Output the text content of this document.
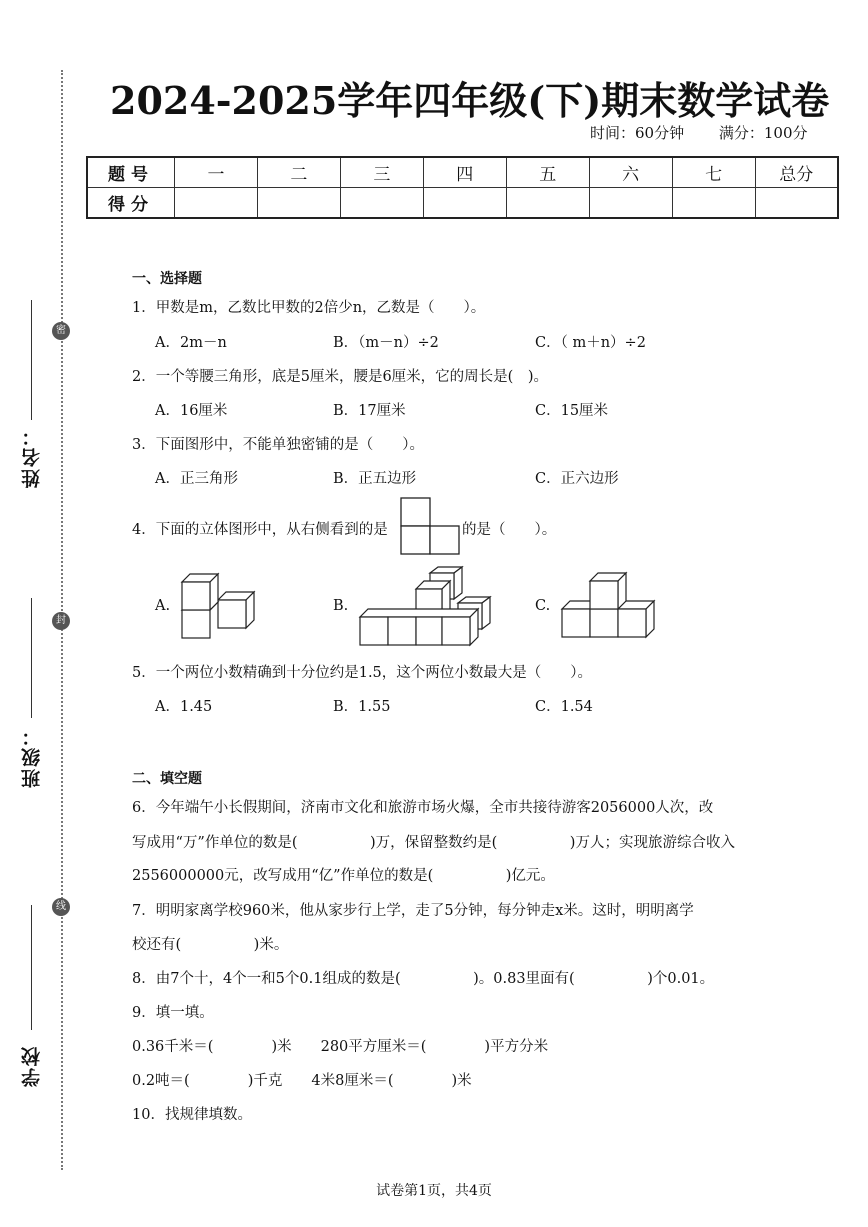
姓名：
班级：
学校
密
封
线
2024-2025学年四年级(下)期末数学试卷
时间：60分钟 满分：100分
题号	一	二	三	四	五	六	七	总分
得分								
一、选择题
1．甲数是m，乙数比甲数的2倍少n，乙数是（　　）。
A．2m－n	B．（m－n）÷2	C．（ m＋n）÷2
2．一个等腰三角形，底是5厘米，腰是6厘米，它的周长是(　)。
A．16厘米	B．17厘米	C．15厘米
3．下面图形中，不能单独密铺的是（　　）。
A．正三角形	B．正五边形	C．正六边形
4．下面的立体图形中，从右侧看到的是	的是（　　）。
A.	B.	C.
5．一个两位小数精确到十分位约是1.5，这个两位小数最大是（　　）。
A．1.45	B．1.55	C．1.54
二、填空题
6．今年端午小长假期间，济南市文化和旅游市场火爆，全市共接待游客2056000人次，改
写成用“万”作单位的数是(　　　　　)万，保留整数约是(　　　　　)万人；实现旅游综合收入
2556000000元，改写成用“亿”作单位的数是(　　　　　)亿元。
7．明明家离学校960米，他从家步行上学，走了5分钟，每分钟走x米。这时，明明离学
校还有(　　　　　)米。
8．由7个十，4个一和5个0.1组成的数是(　　　　　)。0.83里面有(　　　　　)个0.01。
9．填一填。
0.36千米＝(　　　　)米　　280平方厘米＝(　　　　)平方分米
0.2吨＝(　　　　)千克　　4米8厘米＝(　　　　)米
10．找规律填数。
试卷第1页，共4页
